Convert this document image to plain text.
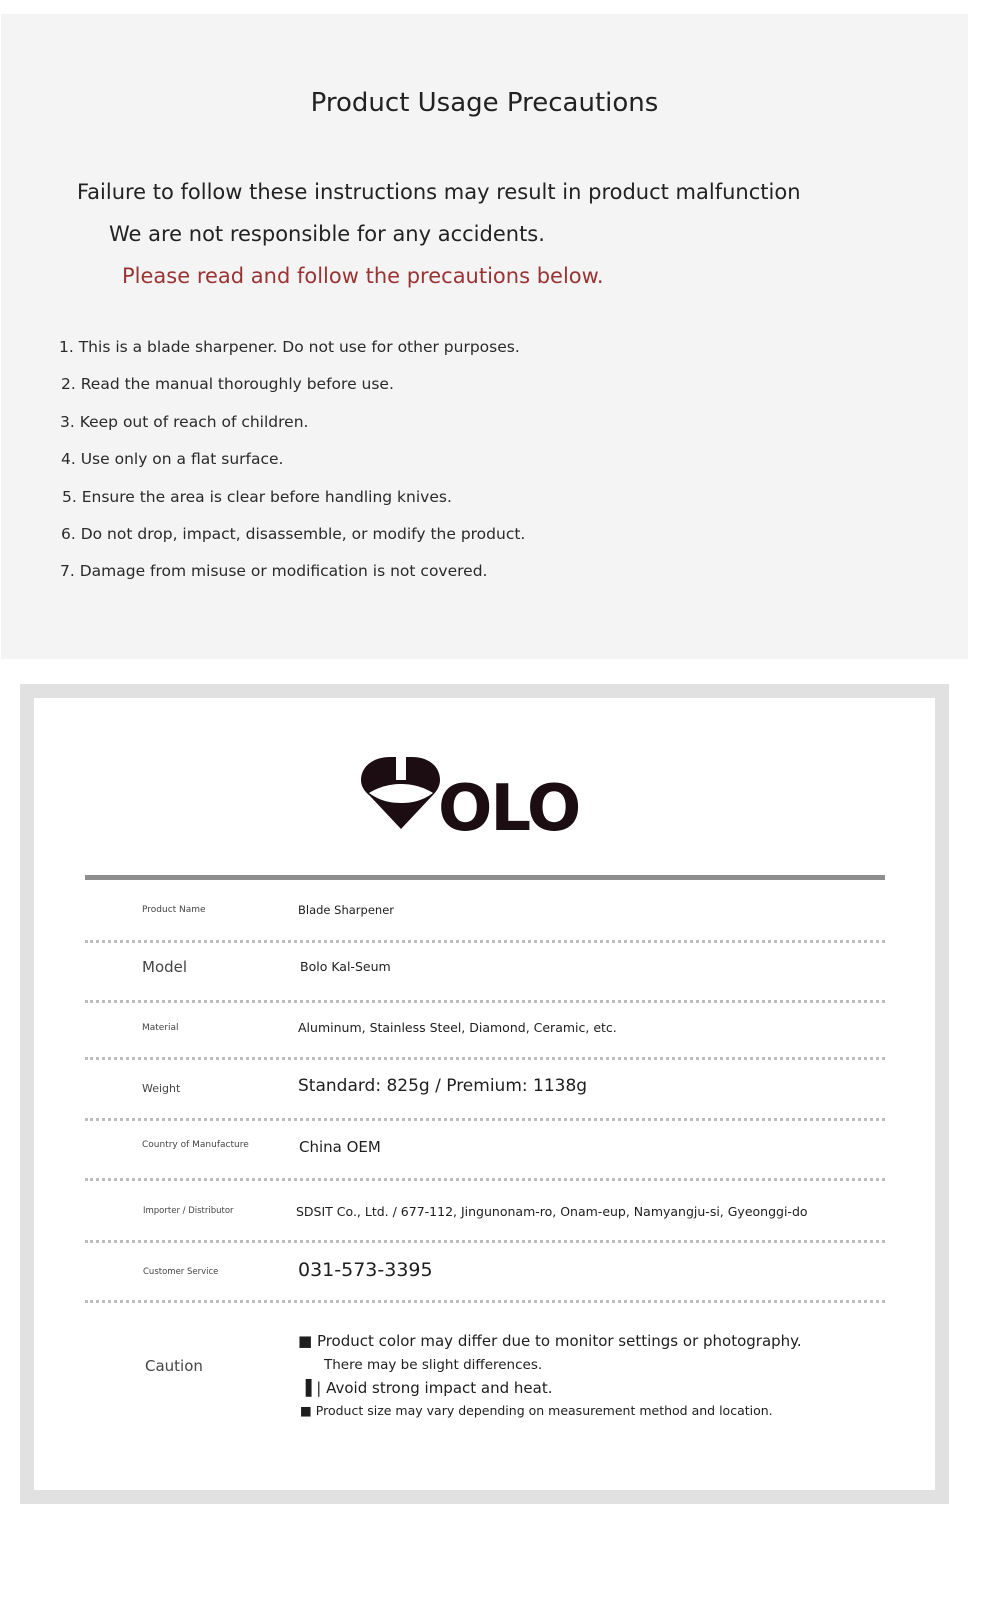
Product Usage Precautions

Failure to follow these instructions may result in product malfunction

We are not responsible for any accidents.

Please read and follow the precautions below.

1. This is a blade sharpener. Do not use for other purposes.
2. Read the manual thoroughly before use.
3. Keep out of reach of children.
4. Use only on a flat surface.
5. Ensure the area is clear before handling knives.
6. Do not drop, impact, disassemble, or modify the product.
7. Damage from misuse or modification is not covered.
OLO
Product Name	Blade Sharpener
Model	Bolo Kal-Seum
Material	Aluminum, Stainless Steel, Diamond, Ceramic, etc.
Weight	Standard: 825g / Premium: 1138g
Country of Manufacture	China OEM
Importer / Distributor	SDSIT Co., Ltd. / 677-112, Jingunonam-ro, Onam-eup, Namyangju-si, Gyeonggi-do
Customer Service	031-573-3395
Caution
■ Product color may differ due to monitor settings or photography.
There may be slight differences.
▐ | Avoid strong impact and heat.
■ Product size may vary depending on measurement method and location.
